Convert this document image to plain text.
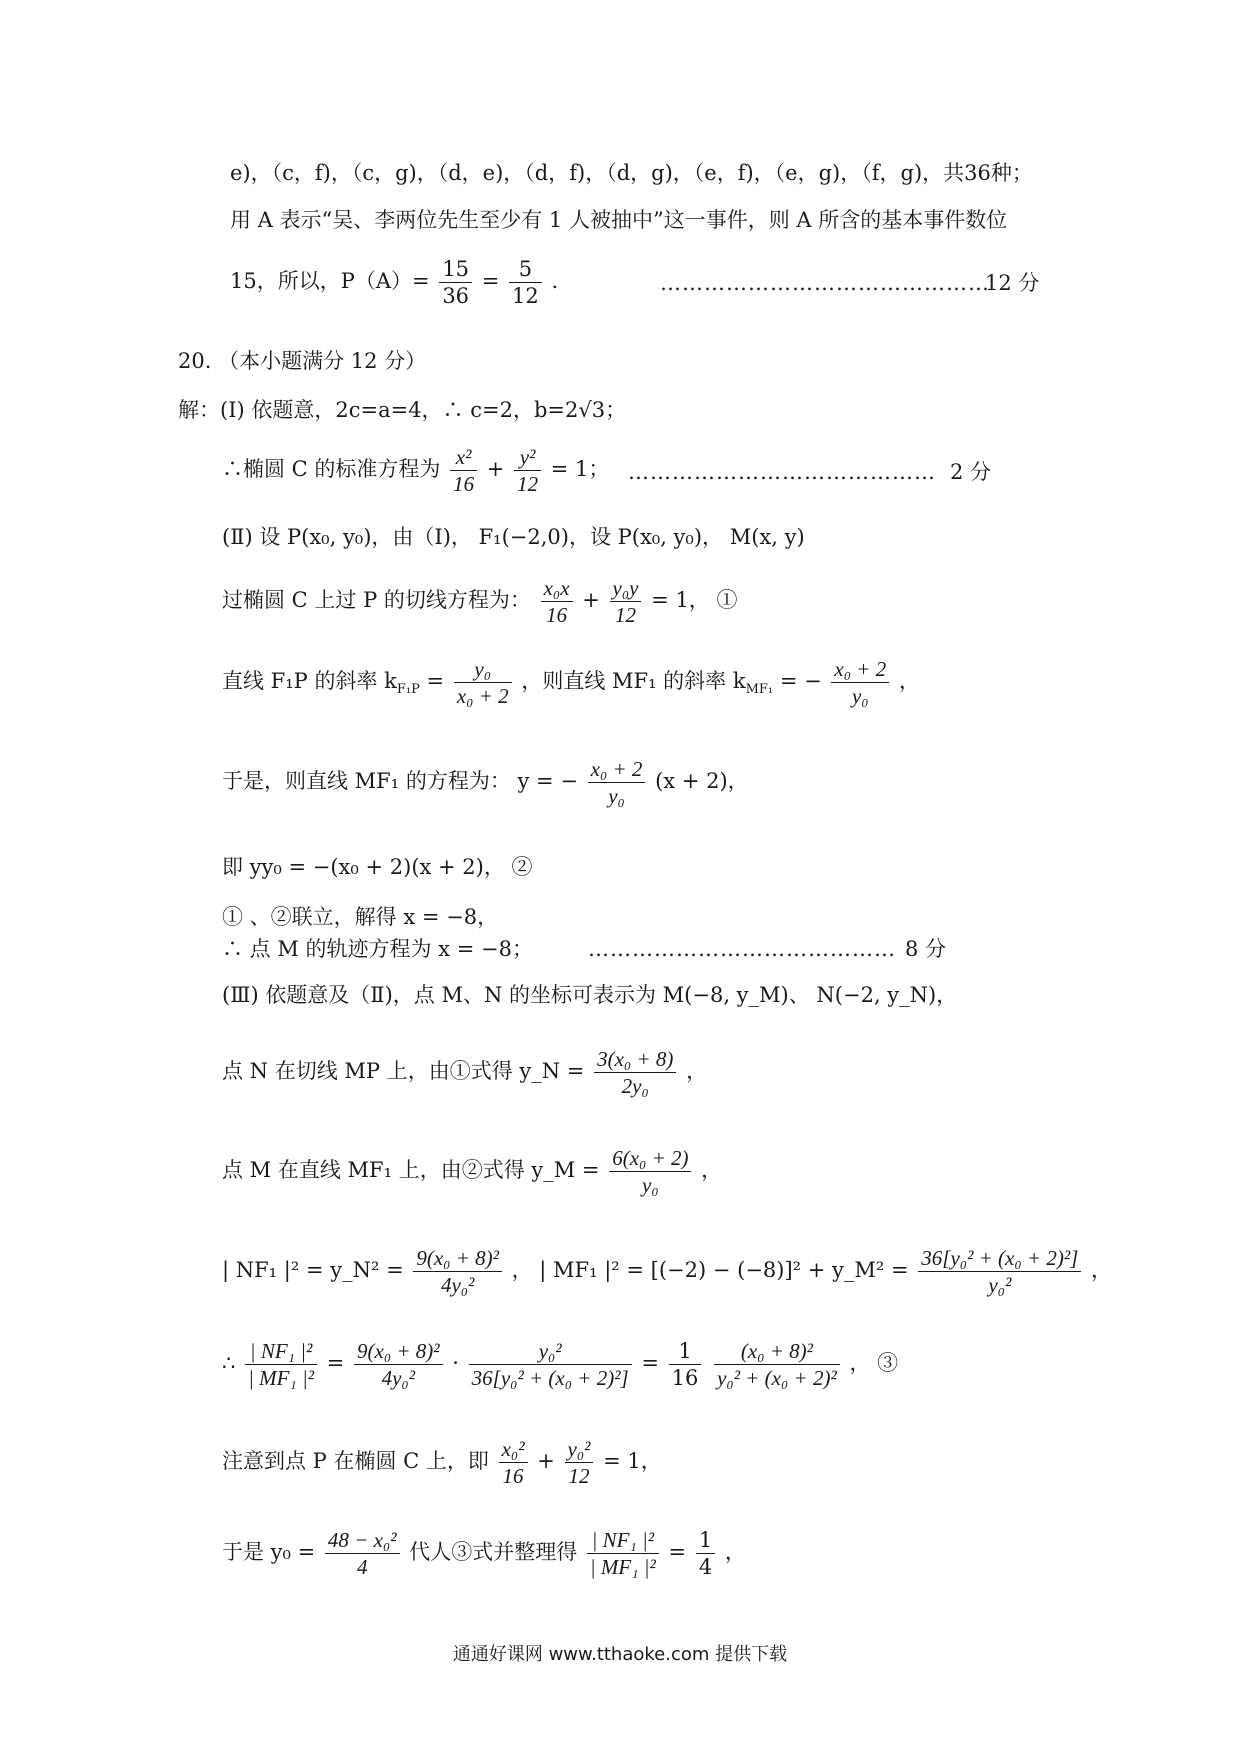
e)，（c，f)，（c，g)，（d，e)，（d，f)，（d，g)，（e，f)，（e，g)，（f，g)，共36种；
用 A 表示“吴、李两位先生至少有 1 人被抽中”这一事件，则 A 所含的基本事件数位
15，所以，$P(A)= \frac{15}{36} = \frac{5}{12}$ .	………………………………………
12 分
20. （本小题满分 12 分）
解：(Ⅰ) 依题意，2c=a=4，∴ c=2，b=2√3；
∴椭圆 C 的标准方程为 $\frac{\text{x²}}{16} + \frac{\text{y²}}{12} = 1$； …………………………………… 2 分
(Ⅱ) 设 P(x₀, y₀)，由（Ⅰ)， F₁(−2,0)，设 P(x₀, y₀)， M(x, y)
过椭圆 C 上过 P 的切线方程为： $\frac{\text{x₀x}}{16} + \frac{\text{y₀y}}{12} = 1$， ①
直线 F₁P 的斜率 $k_{F_1P} = \frac{\text{y₀}}{\text{x₀ + 2}}$ ，则直线 MF₁ 的斜率 $k_{MF_1}$ = − $\frac{\text{x₀ + 2}}{\text{y₀}}$ ，
于是，则直线 MF₁ 的方程为： y = − $\frac{\text{x₀ + 2}}{\text{y₀}} (x + 2)$，
即 yy₀ = −(x₀ + 2)(x + 2)， ②
① 、②联立，解得 x = −8，
∴ 点 M 的轨迹方程为 x = −8；	…………………………………… 8 分
(Ⅲ) 依题意及（Ⅱ)，点 M、N 的坐标可表示为 M(−8, y_M)、 N(−2, y_N)，
点 N 在切线 MP 上，由①式得 y_N = $\frac{\text{3(x₀ + 8)}}{\text{2y₀}}$ ，
点 M 在直线 MF₁ 上，由②式得 y_M = $\frac{\text{6(x₀ + 2)}}{\text{y₀}}$ ，
| NF₁ |² = y_N² = $\frac{\text{9(x₀ + 8)²}}{\text{4y₀²}}$ ， | MF₁ |² = [(−2) − (−8)]² + y_M² = $\frac{\text{36[y₀² + (x₀ + 2)²]}}{\text{y₀²}}$ ，
∴ $\frac{\text{| NF₁ |²}}{\text{| MF₁ |²}} = \frac{\text{9(x₀ + 8)²}}{\text{4y₀²}} \cdot \frac{\text{y₀²}}{\text{36[y₀² + (x₀ + 2)²]}} = \frac{1}{16}$
$\frac{\text{(x₀ + 8)²}}{\text{y₀² + (x₀ + 2)²}}$ ， ③
注意到点 P 在椭圆 C 上，即 $\frac{\text{x₀²}}{16} + \frac{\text{y₀²}}{12} = 1$，
于是 $y_0 = \frac{\text{48 − x₀²}}{4}$ 代人③式并整理得 $\frac{\text{| NF₁ |²}}{\text{| MF₁ |²}} = \frac{1}{4}$ ，
通通好课网 www.tthaoke.com 提供下载
